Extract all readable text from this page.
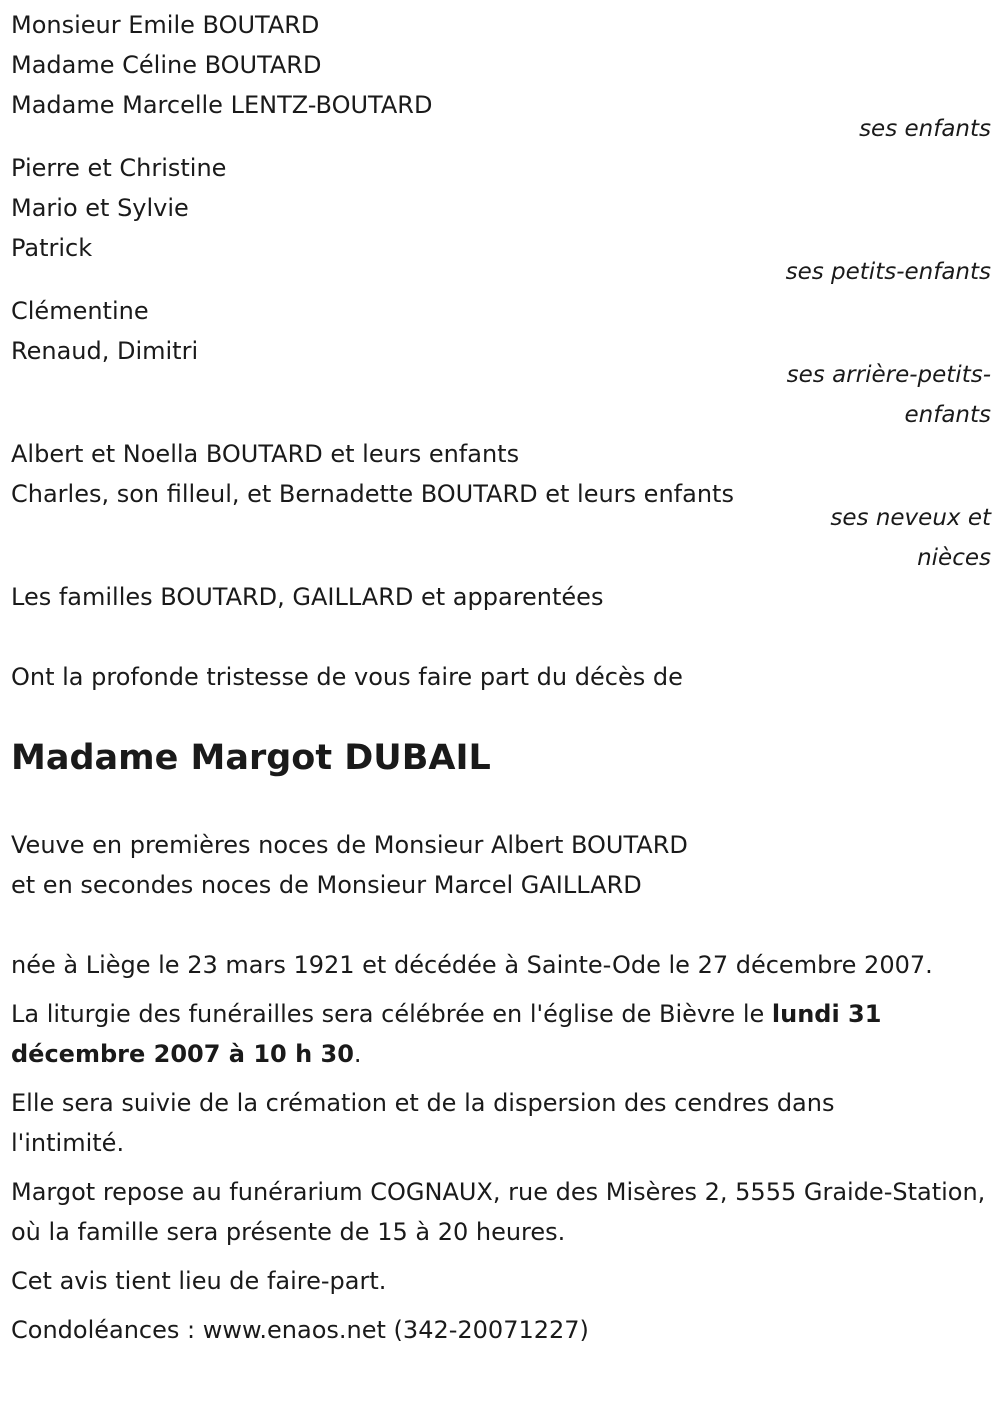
Monsieur Emile BOUTARD
Madame Céline BOUTARD
Madame Marcelle LENTZ-BOUTARD
ses enfants
Pierre et Christine
Mario et Sylvie
Patrick
ses petits-enfants
Clémentine
Renaud, Dimitri
ses arrière-petits-
enfants
Albert et Noella BOUTARD et leurs enfants
Charles, son filleul, et Bernadette BOUTARD et leurs enfants
ses neveux et
nièces
Les familles BOUTARD, GAILLARD et apparentées
Ont la profonde tristesse de vous faire part du décès de
Madame Margot DUBAIL
Veuve en premières noces de Monsieur Albert BOUTARD
et en secondes noces de Monsieur Marcel GAILLARD

née à Liège le 23 mars 1921 et décédée à Sainte-Ode le 27 décembre 2007.

La liturgie des funérailles sera célébrée en l'église de Bièvre le lundi 31 décembre 2007 à 10 h 30.

Elle sera suivie de la crémation et de la dispersion des cendres dans l'intimité.

Margot repose au funérarium COGNAUX, rue des Misères 2, 5555 Graide-Station, où la famille sera présente de 15 à 20 heures.

Cet avis tient lieu de faire-part.

Condoléances : www.enaos.net (342-20071227)
